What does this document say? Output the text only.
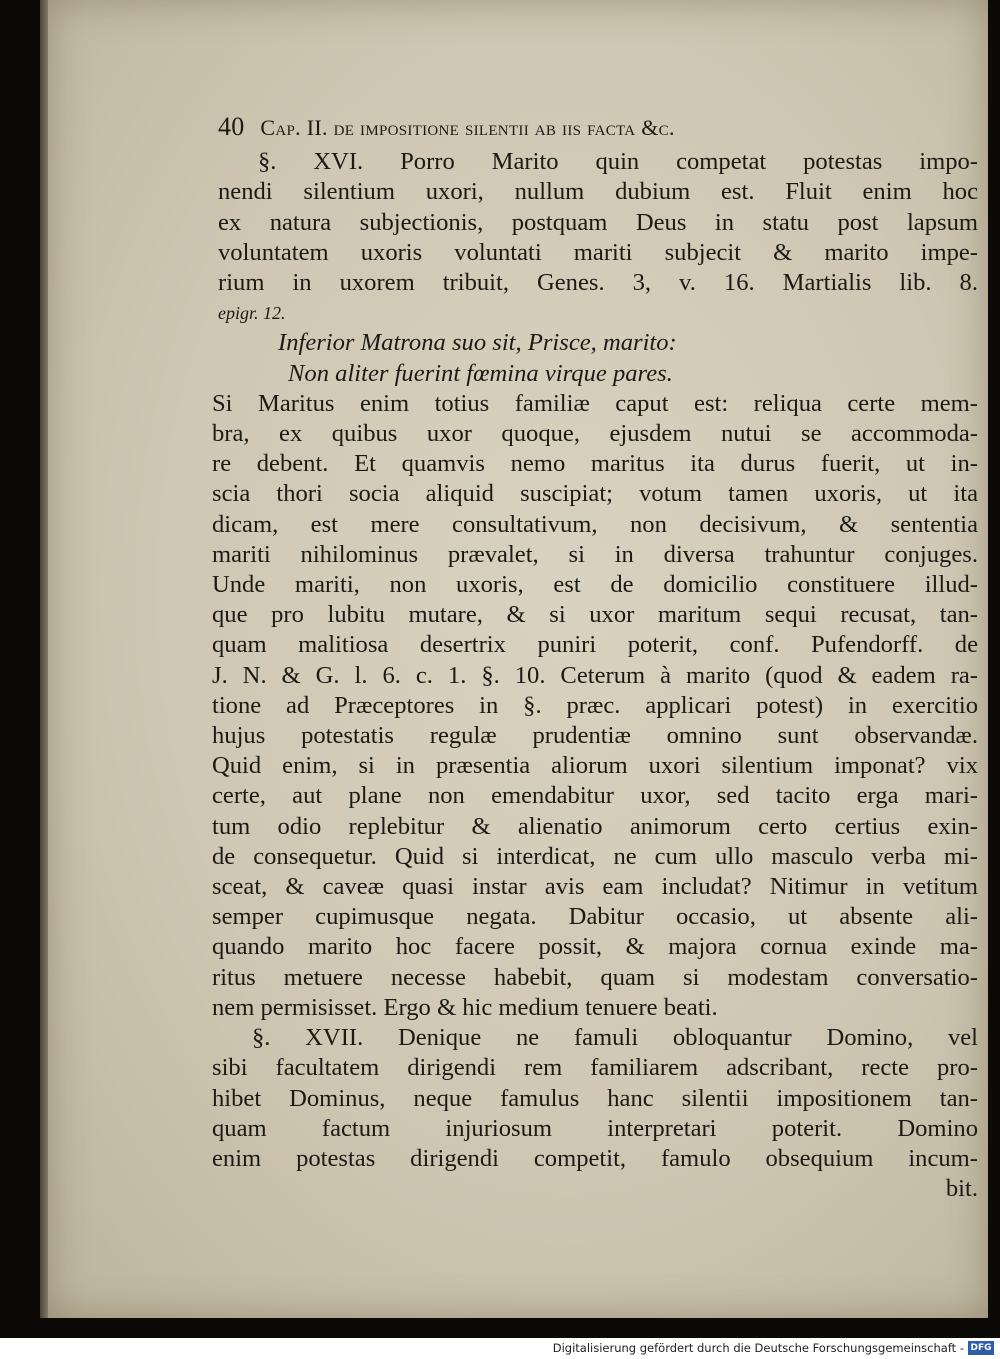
40 Cap. II. de impositione silentii ab iis facta &c.
§. XVI. Porro Marito quin competat potestas impo-
nendi silentium uxori, nullum dubium est. Fluit enim hoc
ex natura subjectionis, postquam Deus in statu post lapsum
voluntatem uxoris voluntati mariti subjecit & marito impe-
rium in uxorem tribuit, Genes. 3, v. 16. Martialis lib. 8.
epigr. 12.
Inferior Matrona suo sit, Prisce, marito:
Non aliter fuerint fœmina virque pares.
Si Maritus enim totius familiæ caput est: reliqua certe mem-
bra, ex quibus uxor quoque, ejusdem nutui se accommoda-
re debent. Et quamvis nemo maritus ita durus fuerit, ut in-
scia thori socia aliquid suscipiat; votum tamen uxoris, ut ita
dicam, est mere consultativum, non decisivum, & sententia
mariti nihilominus prævalet, si in diversa trahuntur conjuges.
Unde mariti, non uxoris, est de domicilio constituere illud-
que pro lubitu mutare, & si uxor maritum sequi recusat, tan-
quam malitiosa desertrix puniri poterit, conf. Pufendorff. de
J. N. & G. l. 6. c. 1. §. 10. Ceterum à marito (quod & eadem ra-
tione ad Præceptores in §. præc. applicari potest) in exercitio
hujus potestatis regulæ prudentiæ omnino sunt observandæ.
Quid enim, si in præsentia aliorum uxori silentium imponat? vix
certe, aut plane non emendabitur uxor, sed tacito erga mari-
tum odio replebitur & alienatio animorum certo certius exin-
de consequetur. Quid si interdicat, ne cum ullo masculo verba mi-
sceat, & caveæ quasi instar avis eam includat? Nitimur in vetitum
semper cupimusque negata. Dabitur occasio, ut absente ali-
quando marito hoc facere possit, & majora cornua exinde ma-
ritus metuere necesse habebit, quam si modestam conversatio-
nem permisisset. Ergo & hic medium tenuere beati.
§. XVII. Denique ne famuli obloquantur Domino, vel
sibi facultatem dirigendi rem familiarem adscribant, recte pro-
hibet Dominus, neque famulus hanc silentii impositionem tan-
quam factum injuriosum interpretari poterit. Domino
enim potestas dirigendi competit, famulo obsequium incum-
bit.
Digitalisierung gefördert durch die Deutsche Forschungsgemeinschaft - DFG
